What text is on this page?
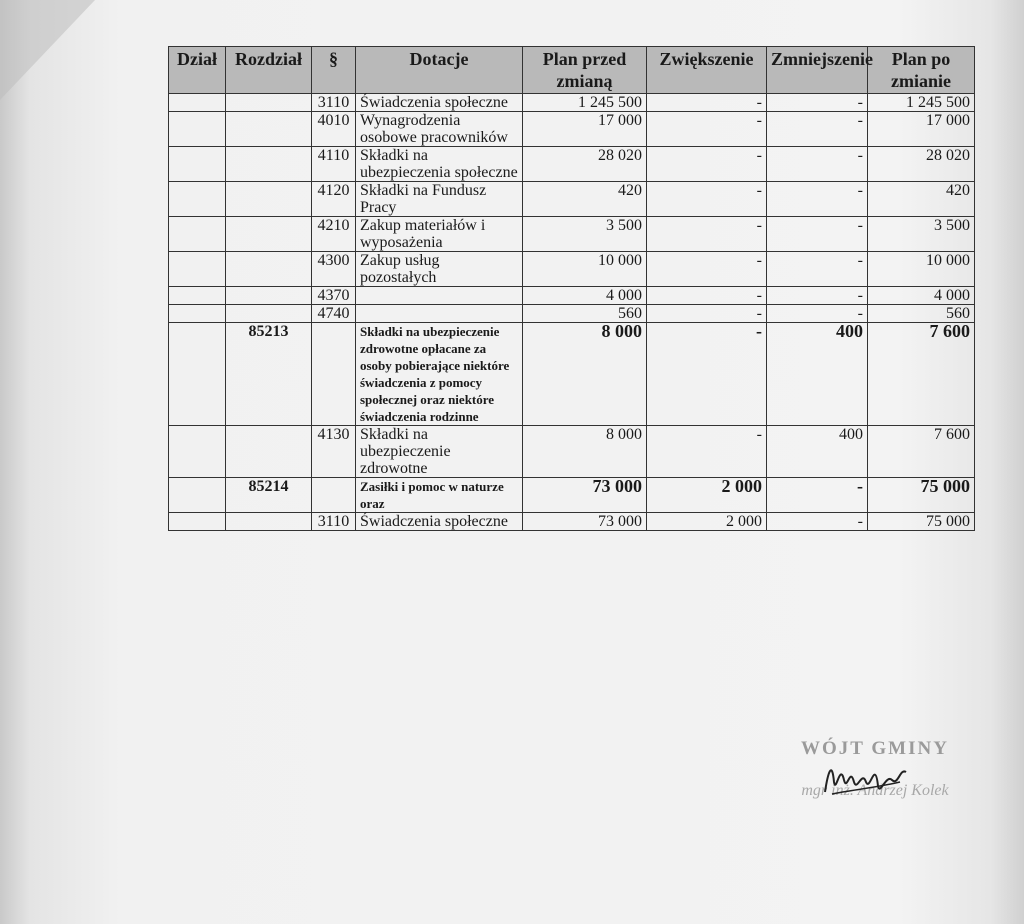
Dział	Rozdział	§	Dotacje	Plan przed zmianą	Zwiększenie	Zmniejszenie	Plan po zmianie
		3110	Świadczenia społeczne	1 245 500	-	-	1 245 500
		4010	Wynagrodzenia osobowe pracowników	17 000	-	-	17 000
		4110	Składki na ubezpieczenia społeczne	28 020	-	-	28 020
		4120	Składki na Fundusz Pracy	420	-	-	420
		4210	Zakup materiałów i wyposażenia	3 500	-	-	3 500
		4300	Zakup usług pozostałych	10 000	-	-	10 000
		4370		4 000	-	-	4 000
		4740		560	-	-	560
	85213		Składki na ubezpieczenie zdrowotne opłacane za osoby pobierające niektóre świadczenia z pomocy społecznej oraz niektóre świadczenia rodzinne	8 000	-	400	7 600
		4130	Składki na ubezpieczenie zdrowotne	8 000	-	400	7 600
	85214		Zasiłki i pomoc w naturze oraz	73 000	2 000	-	75 000
		3110	Świadczenia społeczne	73 000	2 000	-	75 000
WÓJT GMINY
mgr inż. Andrzej Kolek
